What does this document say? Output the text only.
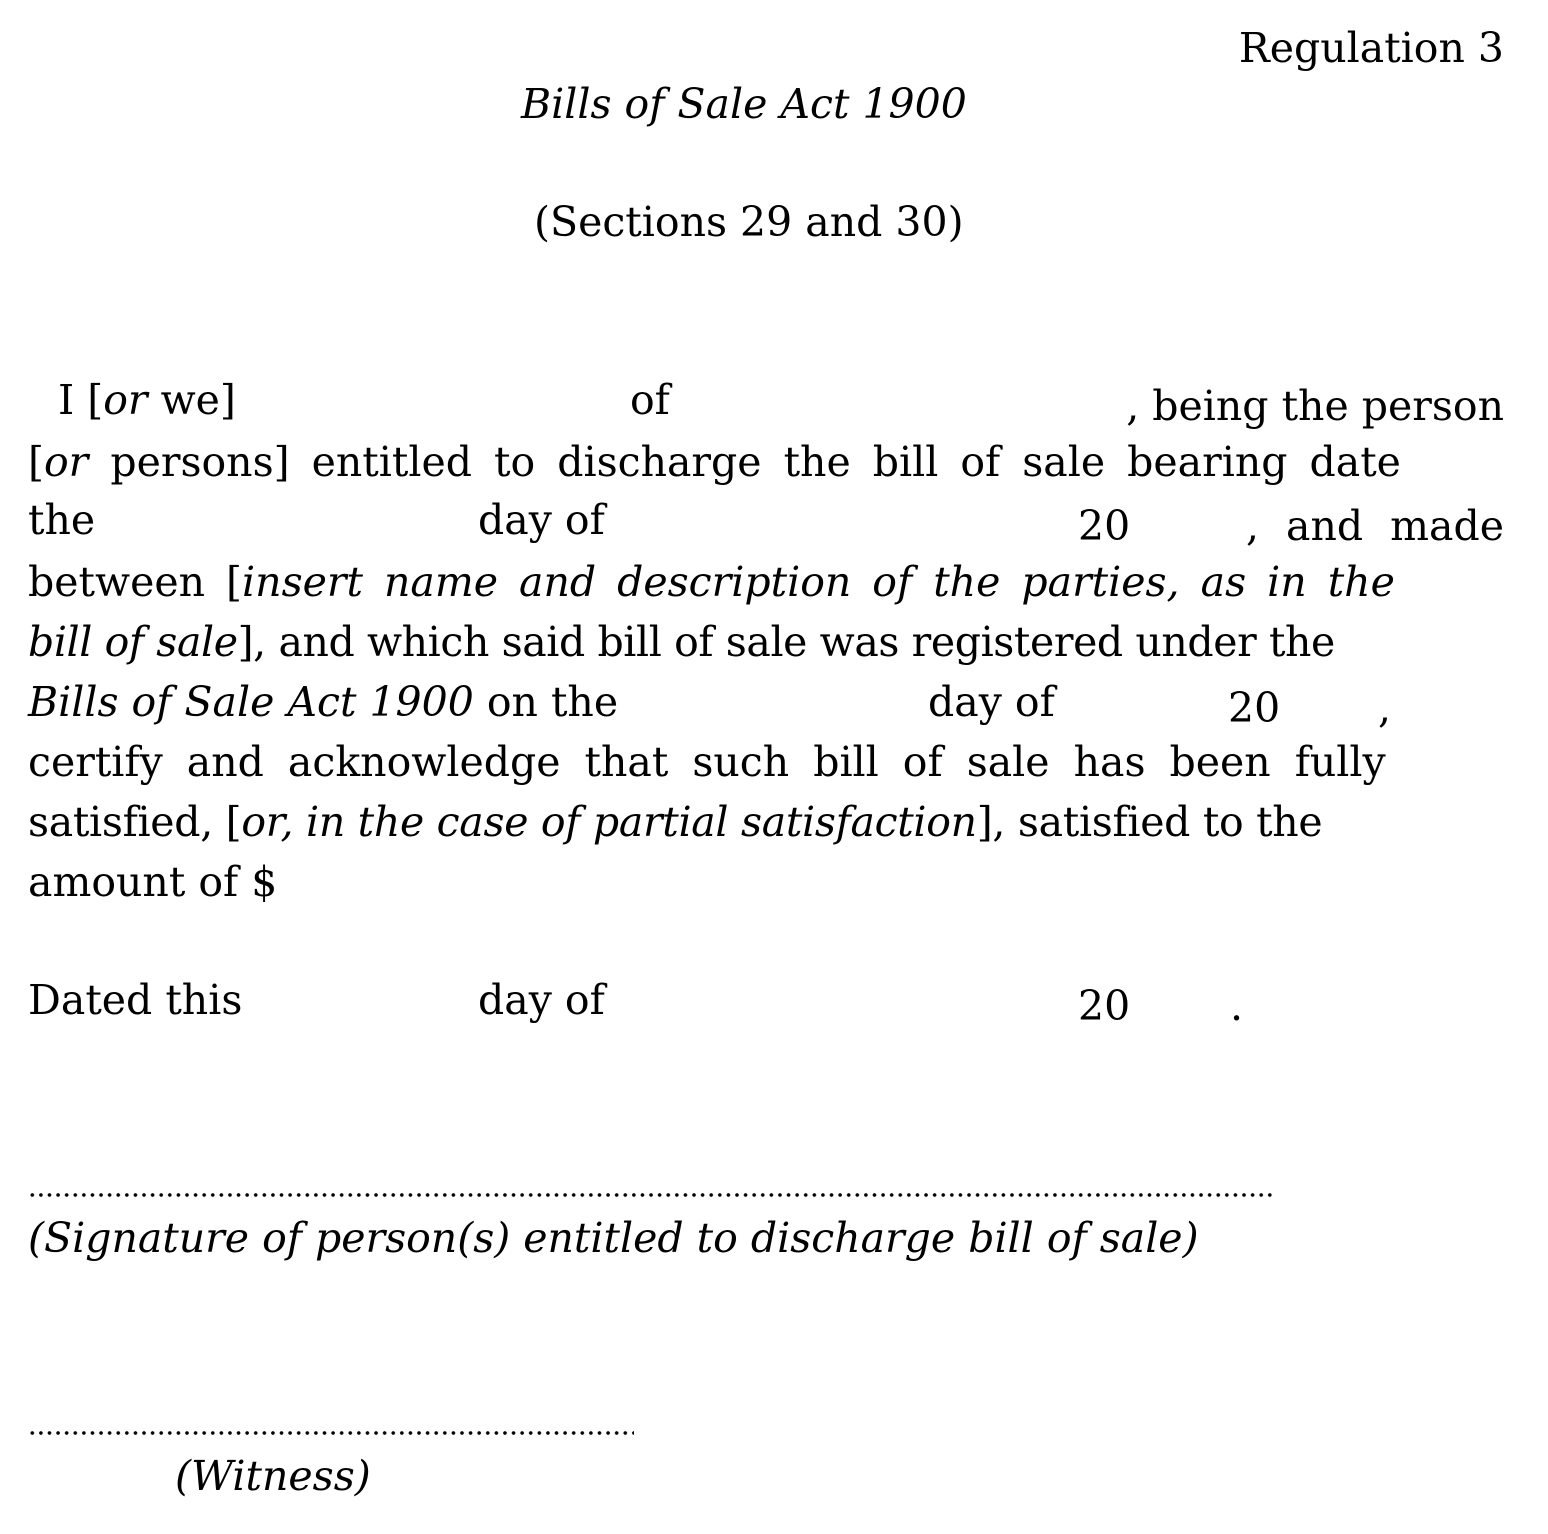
Regulation 3
Bills of Sale Act 1900
(Sections 29 and 30)
I [or we]	of	, being the person
[or persons] entitled to discharge the bill of sale bearing date
the	day of	20	, and made
between [insert name and description of the parties, as in the
bill of sale], and which said bill of sale was registered under the
Bills of Sale Act 1900 on the	day of	20 ,
certify and acknowledge that such bill of sale has been fully
satisfied, [or, in the case of partial satisfaction], satisfied to the
amount of $
Dated this	day of	20 .
(Signature of person(s) entitled to discharge bill of sale)
(Witness)
